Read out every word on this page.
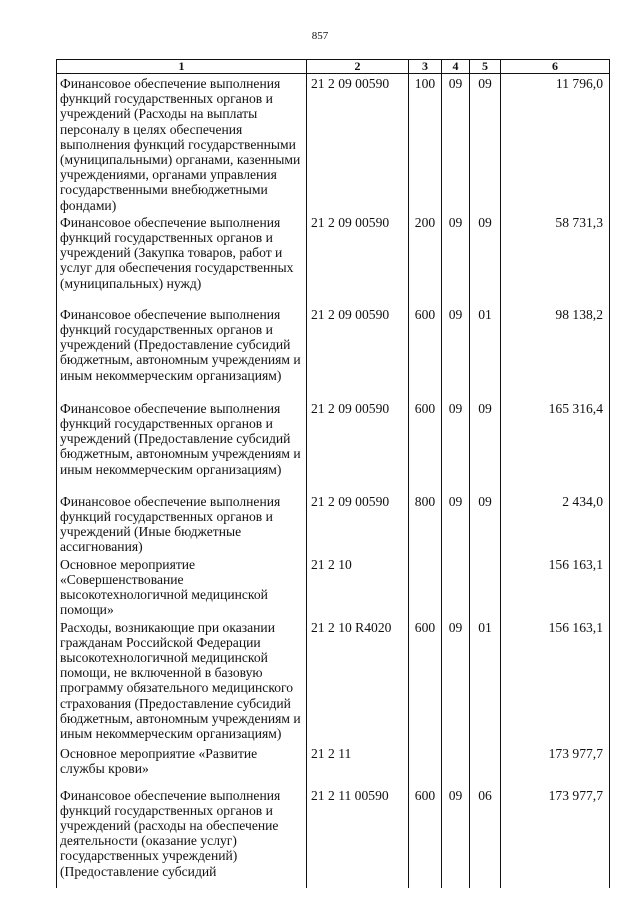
857
1	2	3	4	5	6
Финансовое обеспечение выполнения функций государственных органов и учреждений (Расходы на выплаты персоналу в целях обеспечения выполнения функций государственными (муниципальными) органами, казенными учреждениями, органами управления государственными внебюджетными фондами)	21 2 09 00590	100	09	09	11 796,0
Финансовое обеспечение выполнения функций государственных органов и учреждений (Закупка товаров, работ и услуг для обеспечения государственных (муниципальных) нужд)	21 2 09 00590	200	09	09	58 731,3
Финансовое обеспечение выполнения функций государственных органов и учреждений (Предоставление субсидий бюджетным, автономным учреждениям и иным некоммерческим организациям)	21 2 09 00590	600	09	01	98 138,2
Финансовое обеспечение выполнения функций государственных органов и учреждений (Предоставление субсидий бюджетным, автономным учреждениям и иным некоммерческим организациям)	21 2 09 00590	600	09	09	165 316,4
Финансовое обеспечение выполнения функций государственных органов и учреждений (Иные бюджетные ассигнования)	21 2 09 00590	800	09	09	2 434,0
Основное мероприятие «Совершенствование высокотехнологичной медицинской помощи»	21 2 10				156 163,1
Расходы, возникающие при оказании гражданам Российской Федерации высокотехнологичной медицинской помощи, не включенной в базовую программу обязательного медицинского страхования (Предоставление субсидий бюджетным, автономным учреждениям и иным некоммерческим организациям)	21 2 10 R4020	600	09	01	156 163,1
Основное мероприятие «Развитие службы крови»	21 2 11				173 977,7
Финансовое обеспечение выполнения функций государственных органов и учреждений (расходы на обеспечение деятельности (оказание услуг) государственных учреждений) (Предоставление субсидий	21 2 11 00590	600	09	06	173 977,7
